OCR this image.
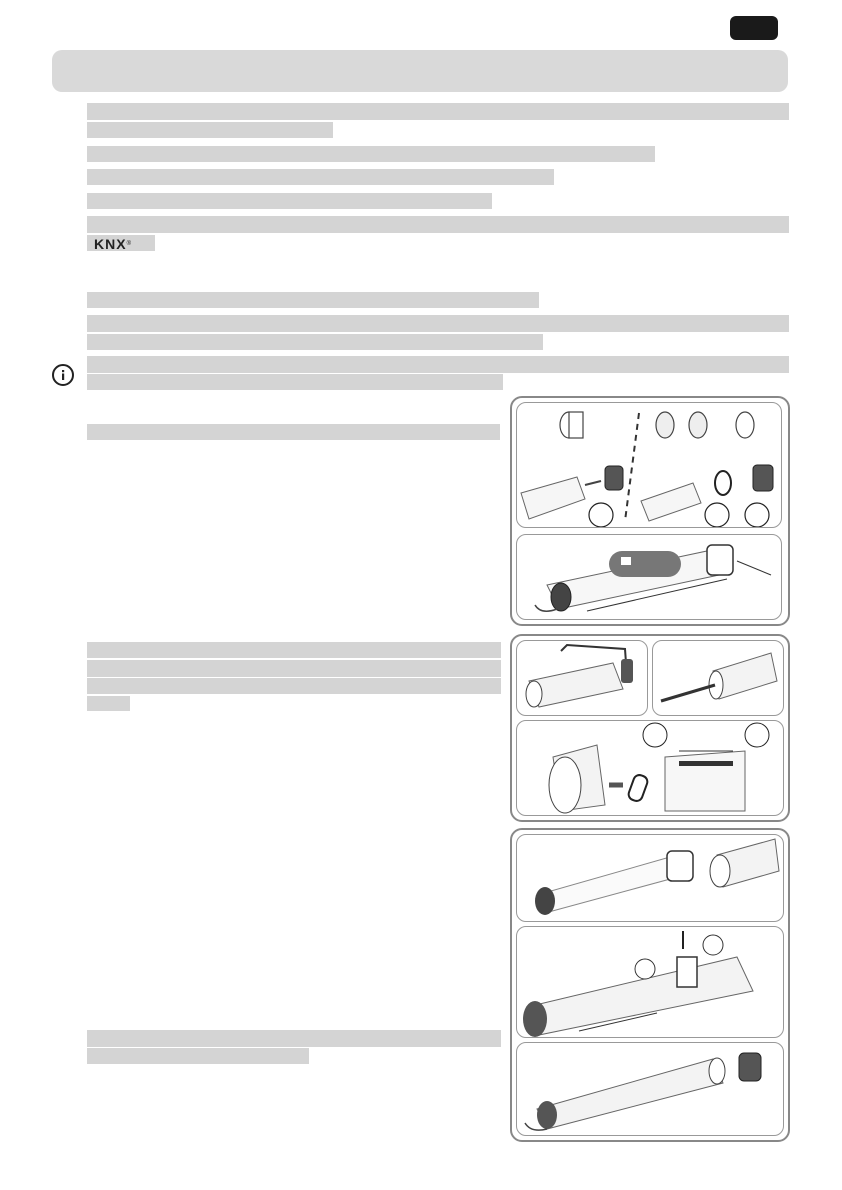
KNX ®
